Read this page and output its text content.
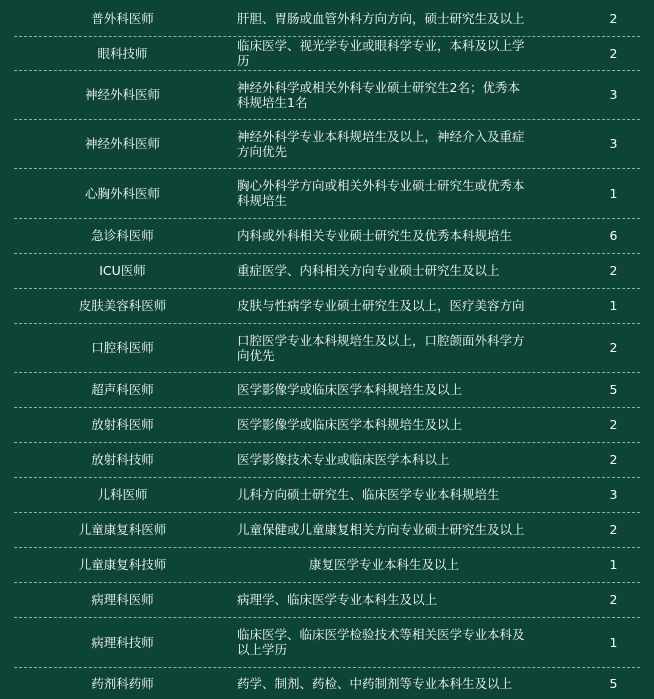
普外科医师	肝胆、胃肠或血管外科方向方向，硕士研究生及以上	2
眼科技师	临床医学、视光学专业或眼科学专业，本科及以上学历	2
神经外科医师	神经外科学或相关外科专业硕士研究生2名；优秀本科规培生1名	3
神经外科医师	神经外科学专业本科规培生及以上，神经介入及重症方向优先	3
心胸外科医师	胸心外科学方向或相关外科专业硕士研究生或优秀本科规培生	1
急诊科医师	内科或外科相关专业硕士研究生及优秀本科规培生	6
ICU医师	重症医学、内科相关方向专业硕士研究生及以上	2
皮肤美容科医师	皮肤与性病学专业硕士研究生及以上，医疗美容方向	1
口腔科医师	口腔医学专业本科规培生及以上，口腔颌面外科学方向优先	2
超声科医师	医学影像学或临床医学本科规培生及以上	5
放射科医师	医学影像学或临床医学本科规培生及以上	2
放射科技师	医学影像技术专业或临床医学本科以上	2
儿科医师	儿科方向硕士研究生、临床医学专业本科规培生	3
儿童康复科医师	儿童保健或儿童康复相关方向专业硕士研究生及以上	2
儿童康复科技师	康复医学专业本科生及以上	1
病理科医师	病理学、临床医学专业本科生及以上	2
病理科技师	临床医学、临床医学检验技术等相关医学专业本科及以上学历	1
药剂科药师	药学、制剂、药检、中药制剂等专业本科生及以上	5
